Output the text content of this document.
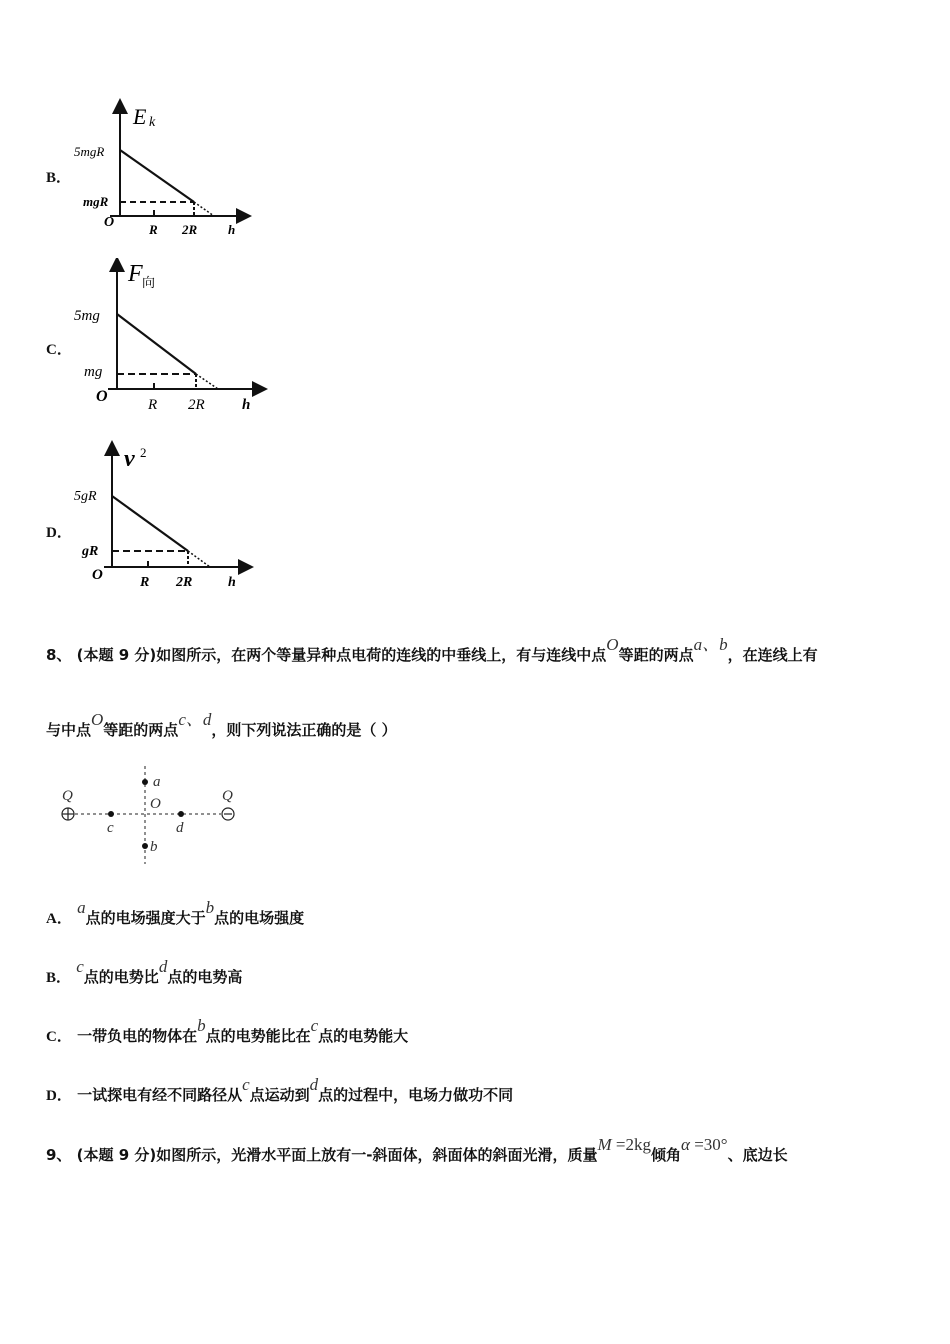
B．
E k
5mgR
mgR
O	R 2R h
C．
F 向
5mg
mg
O	R 2R h
D．
v 2
5gR
gR
O	R 2R	h
8、 (本题 9 分)如图所示，在两个等量异种点电荷的连线的中垂线上，有与连线中点O等距的两点a、b，在连线上有
与中点O等距的两点c、d，则下列说法正确的是（ ）
Q	Q
O
a
b
c	d
A． a点的电场强度大于b点的电场强度
B． c点的电势比d点的电势高
C． 一带负电的物体在b点的电势能比在c点的电势能大
D． 一试探电有经不同路径从c点运动到d点的过程中，电场力做功不同
9、 (本题 9 分)如图所示，光滑水平面上放有一-斜面体，斜面体的斜面光滑，质量M =2kg倾角α =30°、底边长
